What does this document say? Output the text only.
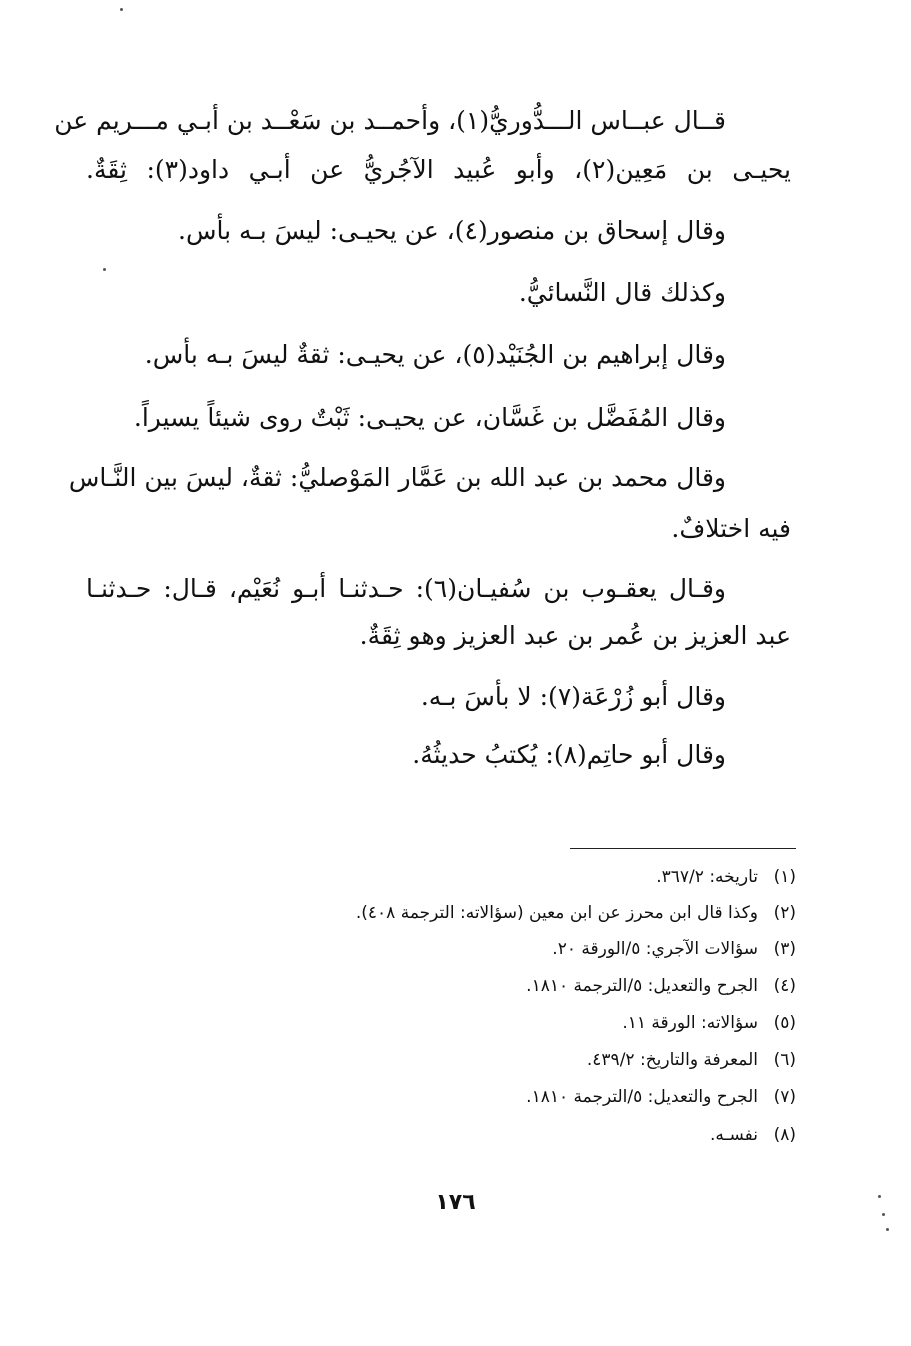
قــال عبــاس الـــدُّوريُّ(١)، وأحمــد بن سَعْــد بن أبـي مـــريم عن
يحيـى بن مَعِين(٢)، وأبو عُبيد الآجُريُّ عن أبـي داود(٣): ثِقَةٌ.
وقال إسحاق بن منصور(٤)، عن يحيـى: ليسَ بـه بأس.
وكذلك قال النَّسائيُّ.
وقال إبراهيم بن الجُنَيْد(٥)، عن يحيـى: ثقةٌ ليسَ بـه بأس.
وقال المُفَضَّل بن غَسَّان، عن يحيـى: ثَبْتٌ روى شيئاً يسيراً.
وقال محمد بن عبد الله بن عَمَّار المَوْصليُّ: ثقةٌ، ليسَ بين النَّـاس
فيه اختلافٌ.
وقـال يعقـوب بن سُفيـان(٦): حـدثنـا أبـو نُعَيْم، قـال: حـدثنـا
عبد العزيز بن عُمر بن عبد العزيز وهو ثِقَةٌ.
وقال أبو زُرْعَة(٧): لا بأسَ بـه.
وقال أبو حاتِم(٨): يُكتبُ حديثُهُ.
(١)تاريخه: ٣٦٧/٢.
(٢)وكذا قال ابن محرز عن ابن معين (سؤالاته: الترجمة ٤٠٨).
(٣)سؤالات الآجري: ٥/الورقة ٢٠.
(٤)الجرح والتعديل: ٥/الترجمة ١٨١٠.
(٥)سؤالاته: الورقة ١١.
(٦)المعرفة والتاريخ: ٤٣٩/٢.
(٧)الجرح والتعديل: ٥/الترجمة ١٨١٠.
(٨)نفسـه.
١٧٦
